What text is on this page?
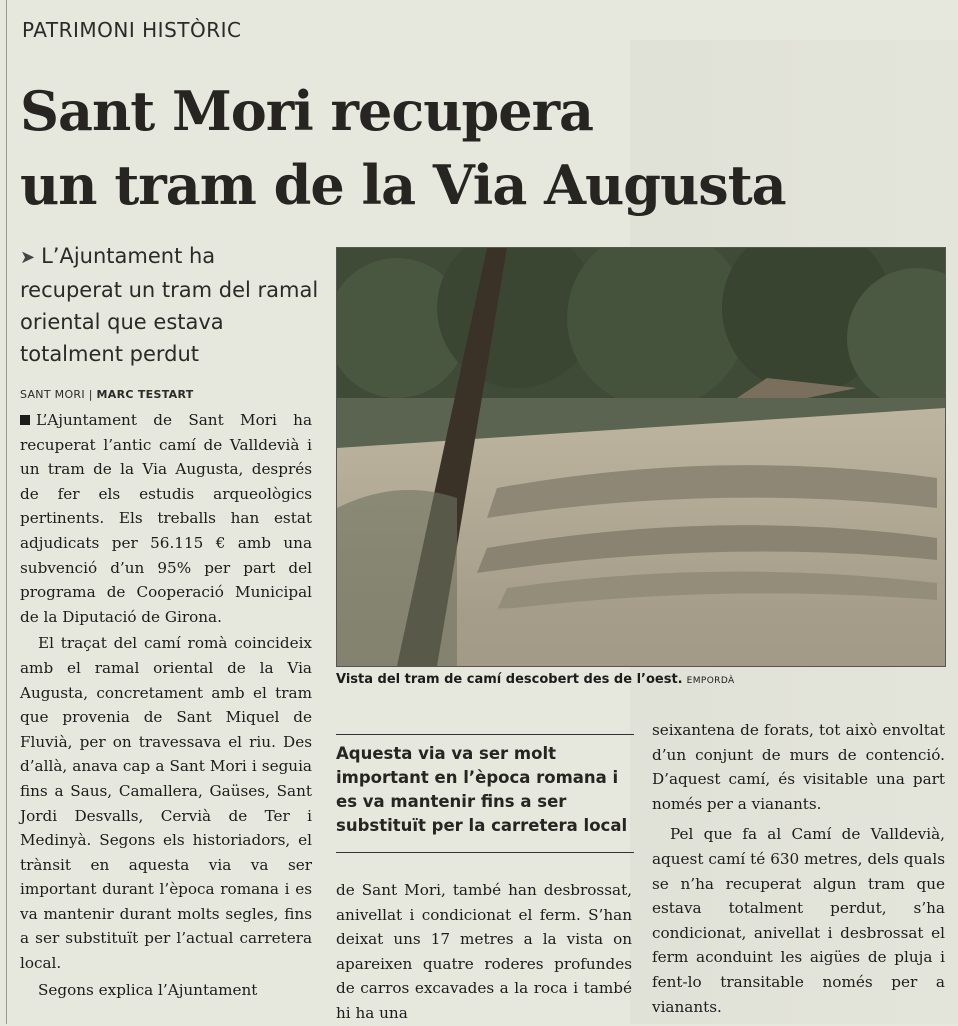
PATRIMONI HISTÒRIC
Sant Mori recupera
un tram de la Via Augusta
➤ L’Ajuntament ha recuperat un tram del ramal oriental que estava totalment perdut
SANT MORI | MARC TESTART

L’Ajuntament de Sant Mori ha recuperat l’antic camí de Valldevià i un tram de la Via Augusta, després de fer els estudis arqueològics pertinents. Els treballs han estat adjudicats per 56.115 € amb una subvenció d’un 95% per part del programa de Cooperació Municipal de la Diputació de Girona.

El traçat del camí romà coincideix amb el ramal oriental de la Via Augusta, concretament amb el tram que provenia de Sant Miquel de Fluvià, per on travessava el riu. Des d’allà, anava cap a Sant Mori i seguia fins a Saus, Camallera, Gaüses, Sant Jordi Desvalls, Cervià de Ter i Medinyà. Segons els historiadors, el trànsit en aquesta via va ser important durant l’època romana i es va mantenir durant molts segles, fins a ser substituït per l’actual carretera local.

Segons explica l’Ajuntament

Vista del tram de camí descobert des de l’oest. EMPORDÀ
Aquesta via va ser molt important en l’època romana i es va mantenir fins a ser substituït per la carretera local

de Sant Mori, també han desbrossat, anivellat i condicionat el ferm. S’han deixat uns 17 metres a la vista on apareixen quatre roderes profundes de carros excavades a la roca i també hi ha una

seixantena de forats, tot això envoltat d’un conjunt de murs de contenció. D’aquest camí, és visitable una part només per a vianants.

Pel que fa al Camí de Valldevià, aquest camí té 630 metres, dels quals se n’ha recuperat algun tram que estava totalment perdut, s’ha condicionat, anivellat i desbrossat el ferm aconduint les aigües de pluja i fent-lo transitable només per a vianants.
